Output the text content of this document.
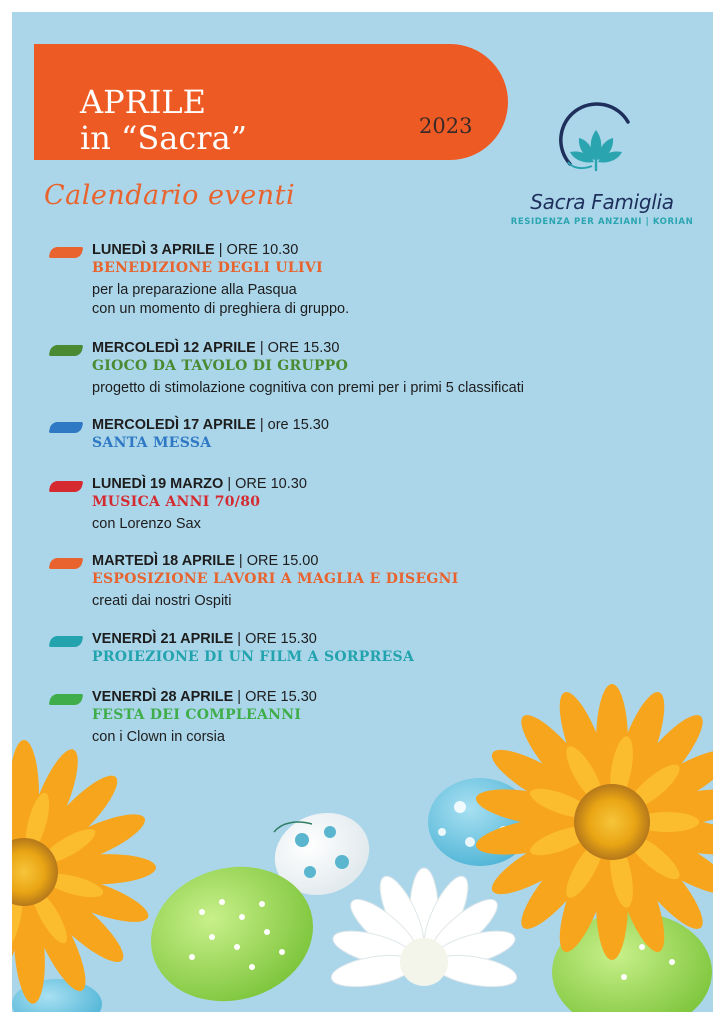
APRILE
in “Sacra”	2023
Calendario eventi	Sacra Famiglia
RESIDENZA PER ANZIANI | KORIAN
LUNEDÌ 3 APRILE | ORE 10.30
BENEDIZIONE DEGLI ULIVI
per la preparazione alla Pasqua
con un momento di preghiera di gruppo.
MERCOLEDÌ 12 APRILE | ORE 15.30
GIOCO DA TAVOLO DI GRUPPO
progetto di stimolazione cognitiva con premi per i primi 5 classificati
MERCOLEDÌ 17 APRILE | ore 15.30
SANTA MESSA
LUNEDÌ 19 MARZO | ORE 10.30
MUSICA ANNI 70/80
con Lorenzo Sax
MARTEDÌ 18 APRILE | ORE 15.00
ESPOSIZIONE LAVORI A MAGLIA E DISEGNI
creati dai nostri Ospiti
VENERDÌ 21 APRILE | ORE 15.30
PROIEZIONE DI UN FILM A SORPRESA
VENERDÌ 28 APRILE | ORE 15.30
FESTA DEI COMPLEANNI
con i Clown in corsia
